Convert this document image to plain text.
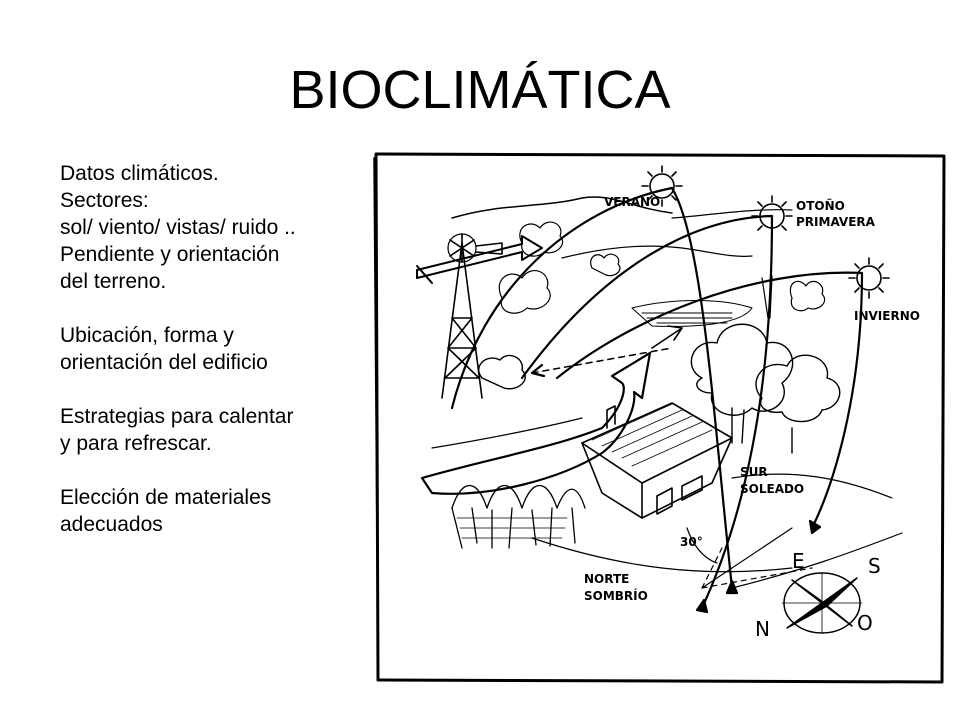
BIOCLIMÁTICA
Datos climáticos.
Sectores:
sol/ viento/ vistas/ ruido ..
Pendiente y orientación
del terreno.
Ubicación, forma y
orientación del edificio
Estrategias para calentar
y para refrescar.
Elección de materiales
adecuados
VERANO	OTOÑO
PRIMAVERA
INVIERNO
SUR
SOLEADO
NORTE
SOMBRÍO
30°
N
E	S
O
